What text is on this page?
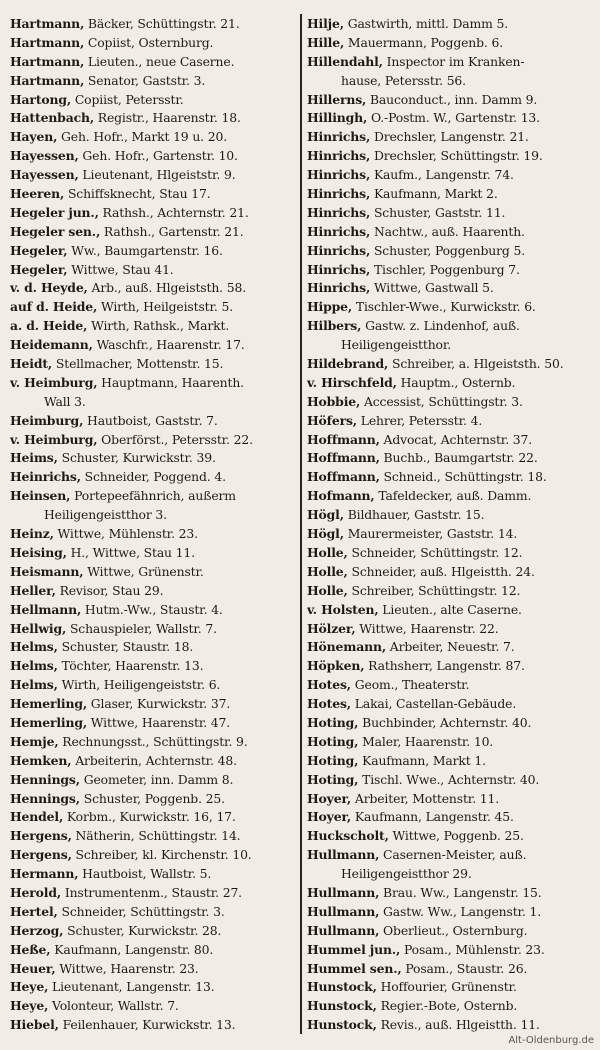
Hartmann, Bäcker, Schüttingstr. 21.
Hartmann, Copiist, Osternburg.
Hartmann, Lieuten., neue Caserne.
Hartmann, Senator, Gaststr. 3.
Hartong, Copiist, Petersstr.
Hattenbach, Registr., Haarenstr. 18.
Hayen, Geh. Hofr., Markt 19 u. 20.
Hayessen, Geh. Hofr., Gartenstr. 10.
Hayessen, Lieutenant, Hlgeiststr. 9.
Heeren, Schiffsknecht, Stau 17.
Hegeler jun., Rathsh., Achternstr. 21.
Hegeler sen., Rathsh., Gartenstr. 21.
Hegeler, Ww., Baumgartenstr. 16.
Hegeler, Wittwe, Stau 41.
v. d. Heyde, Arb., auß. Hlgeiststh. 58.
auf d. Heide, Wirth, Heilgeiststr. 5.
a. d. Heide, Wirth, Rathsk., Markt.
Heidemann, Waschfr., Haarenstr. 17.
Heidt, Stellmacher, Mottenstr. 15.
v. Heimburg, Hauptmann, Haarenth.
Wall 3.
Heimburg, Hautboist, Gaststr. 7.
v. Heimburg, Oberförst., Petersstr. 22.
Heims, Schuster, Kurwickstr. 39.
Heinrichs, Schneider, Poggend. 4.
Heinsen, Portepeefähnrich, außerm
Heiligengeistthor 3.
Heinz, Wittwe, Mühlenstr. 23.
Heising, H., Wittwe, Stau 11.
Heismann, Wittwe, Grünenstr.
Heller, Revisor, Stau 29.
Hellmann, Hutm.-Ww., Staustr. 4.
Hellwig, Schauspieler, Wallstr. 7.
Helms, Schuster, Staustr. 18.
Helms, Töchter, Haarenstr. 13.
Helms, Wirth, Heiligengeiststr. 6.
Hemerling, Glaser, Kurwickstr. 37.
Hemerling, Wittwe, Haarenstr. 47.
Hemje, Rechnungsst., Schüttingstr. 9.
Hemken, Arbeiterin, Achternstr. 48.
Hennings, Geometer, inn. Damm 8.
Hennings, Schuster, Poggenb. 25.
Hendel, Korbm., Kurwickstr. 16, 17.
Hergens, Nätherin, Schüttingstr. 14.
Hergens, Schreiber, kl. Kirchenstr. 10.
Hermann, Hautboist, Wallstr. 5.
Herold, Instrumentenm., Staustr. 27.
Hertel, Schneider, Schüttingstr. 3.
Herzog, Schuster, Kurwickstr. 28.
Heße, Kaufmann, Langenstr. 80.
Heuer, Wittwe, Haarenstr. 23.
Heye, Lieutenant, Langenstr. 13.
Heye, Volonteur, Wallstr. 7.
Hiebel, Feilenhauer, Kurwickstr. 13.
Hilje, Gastwirth, mittl. Damm 5.
Hille, Mauermann, Poggenb. 6.
Hillendahl, Inspector im Kranken-
hause, Petersstr. 56.
Hillerns, Bauconduct., inn. Damm 9.
Hillingh, O.-Postm. W., Gartenstr. 13.
Hinrichs, Drechsler, Langenstr. 21.
Hinrichs, Drechsler, Schüttingstr. 19.
Hinrichs, Kaufm., Langenstr. 74.
Hinrichs, Kaufmann, Markt 2.
Hinrichs, Schuster, Gaststr. 11.
Hinrichs, Nachtw., auß. Haarenth.
Hinrichs, Schuster, Poggenburg 5.
Hinrichs, Tischler, Poggenburg 7.
Hinrichs, Wittwe, Gastwall 5.
Hippe, Tischler-Wwe., Kurwickstr. 6.
Hilbers, Gastw. z. Lindenhof, auß.
Heiligengeistthor.
Hildebrand, Schreiber, a. Hlgeiststh. 50.
v. Hirschfeld, Hauptm., Osternb.
Hobbie, Accessist, Schüttingstr. 3.
Höfers, Lehrer, Petersstr. 4.
Hoffmann, Advocat, Achternstr. 37.
Hoffmann, Buchb., Baumgartstr. 22.
Hoffmann, Schneid., Schüttingstr. 18.
Hofmann, Tafeldecker, auß. Damm.
Högl, Bildhauer, Gaststr. 15.
Högl, Maurermeister, Gaststr. 14.
Holle, Schneider, Schüttingstr. 12.
Holle, Schneider, auß. Hlgeistth. 24.
Holle, Schreiber, Schüttingstr. 12.
v. Holsten, Lieuten., alte Caserne.
Hölzer, Wittwe, Haarenstr. 22.
Hönemann, Arbeiter, Neuestr. 7.
Höpken, Rathsherr, Langenstr. 87.
Hotes, Geom., Theaterstr.
Hotes, Lakai, Castellan-Gebäude.
Hoting, Buchbinder, Achternstr. 40.
Hoting, Maler, Haarenstr. 10.
Hoting, Kaufmann, Markt 1.
Hoting, Tischl. Wwe., Achternstr. 40.
Hoyer, Arbeiter, Mottenstr. 11.
Hoyer, Kaufmann, Langenstr. 45.
Huckscholt, Wittwe, Poggenb. 25.
Hullmann, Casernen-Meister, auß.
Heiligengeistthor 29.
Hullmann, Brau. Ww., Langenstr. 15.
Hullmann, Gastw. Ww., Langenstr. 1.
Hullmann, Oberlieut., Osternburg.
Hummel jun., Posam., Mühlenstr. 23.
Hummel sen., Posam., Staustr. 26.
Hunstock, Hoffourier, Grünenstr.
Hunstock, Regier.-Bote, Osternb.
Hunstock, Revis., auß. Hlgeistth. 11.
Alt-Oldenburg.de
